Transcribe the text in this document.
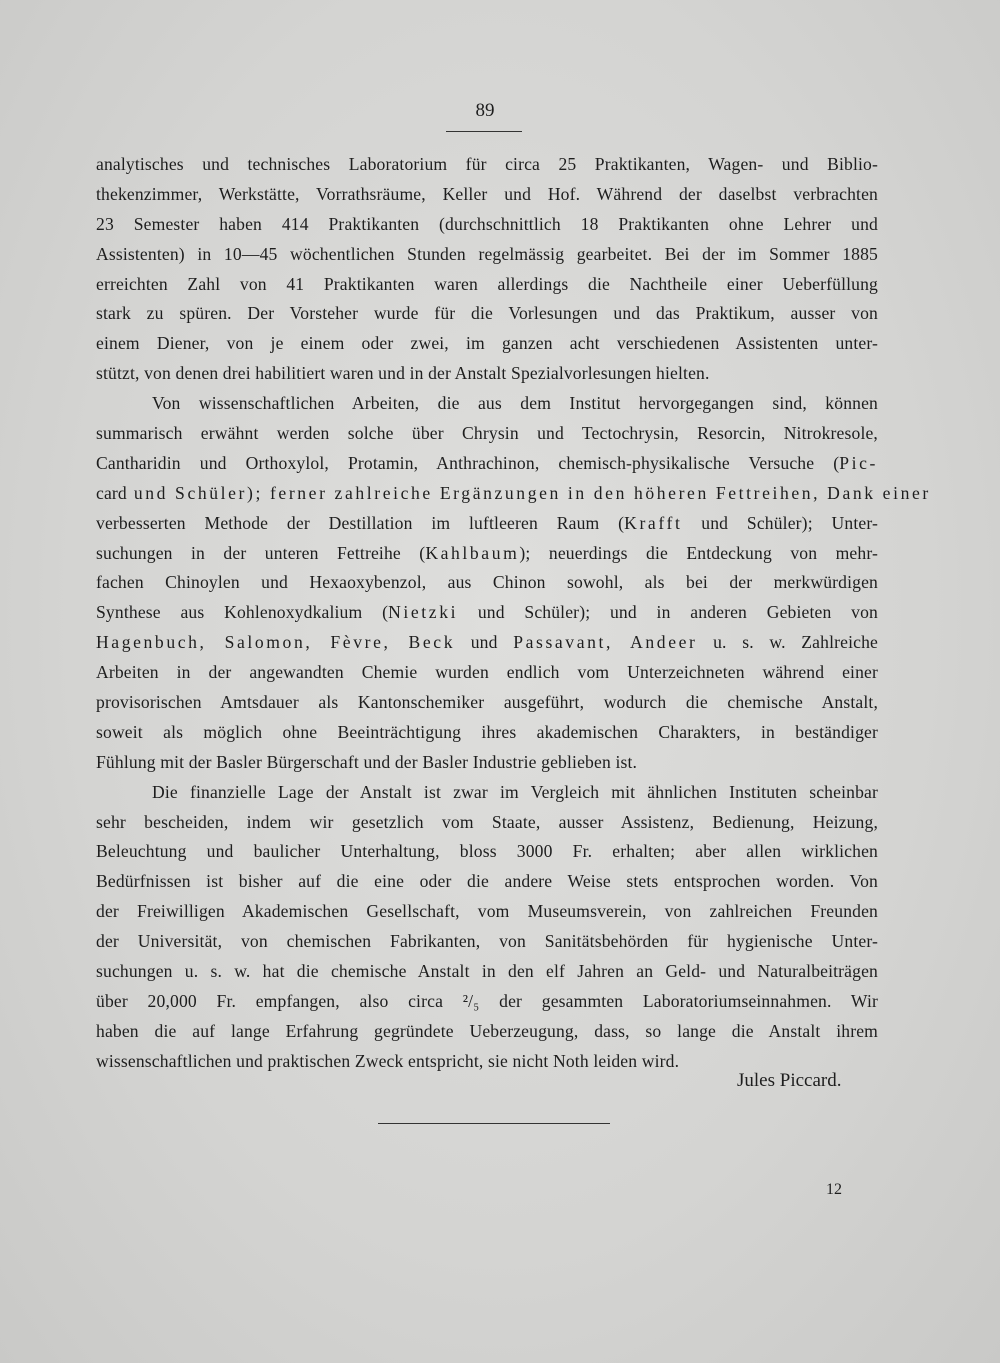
89
analytisches und technisches Laboratorium für circa 25 Praktikanten, Wagen- und Biblio-
thekenzimmer, Werkstätte, Vorrathsräume, Keller und Hof. Während der daselbst verbrachten
23 Semester haben 414 Praktikanten (durchschnittlich 18 Praktikanten ohne Lehrer und
Assistenten) in 10—45 wöchentlichen Stunden regelmässig gearbeitet. Bei der im Sommer 1885
erreichten Zahl von 41 Praktikanten waren allerdings die Nachtheile einer Ueberfüllung
stark zu spüren. Der Vorsteher wurde für die Vorlesungen und das Praktikum, ausser von
einem Diener, von je einem oder zwei, im ganzen acht verschiedenen Assistenten unter-
stützt, von denen drei habilitiert waren und in der Anstalt Spezialvorlesungen hielten.
Von wissenschaftlichen Arbeiten, die aus dem Institut hervorgegangen sind, können
summarisch erwähnt werden solche über Chrysin und Tectochrysin, Resorcin, Nitrokresole,
Cantharidin und Orthoxylol, Protamin, Anthrachinon, chemisch-physikalische Versuche (Pic-
card und Schüler); ferner zahlreiche Ergänzungen in den höheren Fettreihen, Dank einer
verbesserten Methode der Destillation im luftleeren Raum (Krafft und Schüler); Unter-
suchungen in der unteren Fettreihe (Kahlbaum); neuerdings die Entdeckung von mehr-
fachen Chinoylen und Hexaoxybenzol, aus Chinon sowohl, als bei der merkwürdigen
Synthese aus Kohlenoxydkalium (Nietzki und Schüler); und in anderen Gebieten von
Hagenbuch, Salomon, Fèvre, Beck und Passavant, Andeer u. s. w. Zahlreiche
Arbeiten in der angewandten Chemie wurden endlich vom Unterzeichneten während einer
provisorischen Amtsdauer als Kantonschemiker ausgeführt, wodurch die chemische Anstalt,
soweit als möglich ohne Beeinträchtigung ihres akademischen Charakters, in beständiger
Fühlung mit der Basler Bürgerschaft und der Basler Industrie geblieben ist.
Die finanzielle Lage der Anstalt ist zwar im Vergleich mit ähnlichen Instituten scheinbar
sehr bescheiden, indem wir gesetzlich vom Staate, ausser Assistenz, Bedienung, Heizung,
Beleuchtung und baulicher Unterhaltung, bloss 3000 Fr. erhalten; aber allen wirklichen
Bedürfnissen ist bisher auf die eine oder die andere Weise stets entsprochen worden. Von
der Freiwilligen Akademischen Gesellschaft, vom Museumsverein, von zahlreichen Freunden
der Universität, von chemischen Fabrikanten, von Sanitätsbehörden für hygienische Unter-
suchungen u. s. w. hat die chemische Anstalt in den elf Jahren an Geld- und Naturalbeiträgen
über 20,000 Fr. empfangen, also circa ²/₅ der gesammten Laboratoriumseinnahmen. Wir
haben die auf lange Erfahrung gegründete Ueberzeugung, dass, so lange die Anstalt ihrem
wissenschaftlichen und praktischen Zweck entspricht, sie nicht Noth leiden wird.
Jules Piccard.
12
